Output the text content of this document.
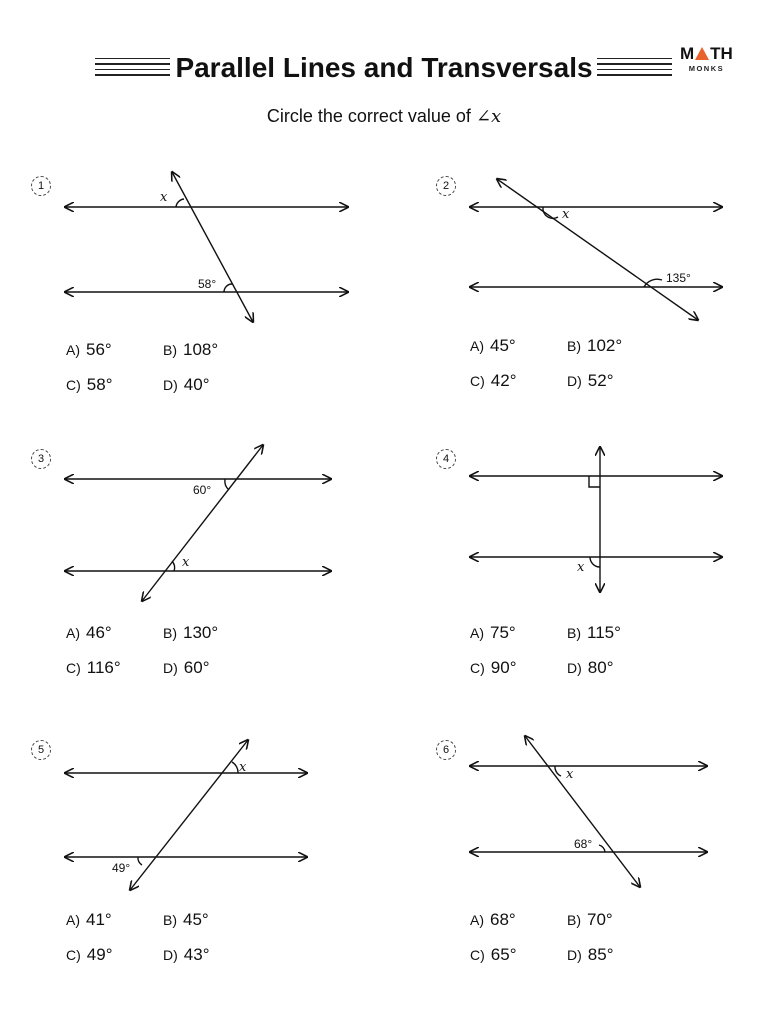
Parallel Lines and Transversals	M TH
MONKS
Circle the correct value of ∠x
x
58°
x
135°
60°
x	x
x
49°
x
68°
1	2
3	4
5	6
A) 56°	B) 108°
C) 58°	D) 40°
A) 45°	B) 102°
C) 42°	D) 52°
A) 46°	B) 130°
C) 116°	D) 60°
A) 75°	B) 115°
C) 90°	D) 80°
A) 41°	B) 45°
C) 49°	D) 43°
A) 68°	B) 70°
C) 65°	D) 85°
